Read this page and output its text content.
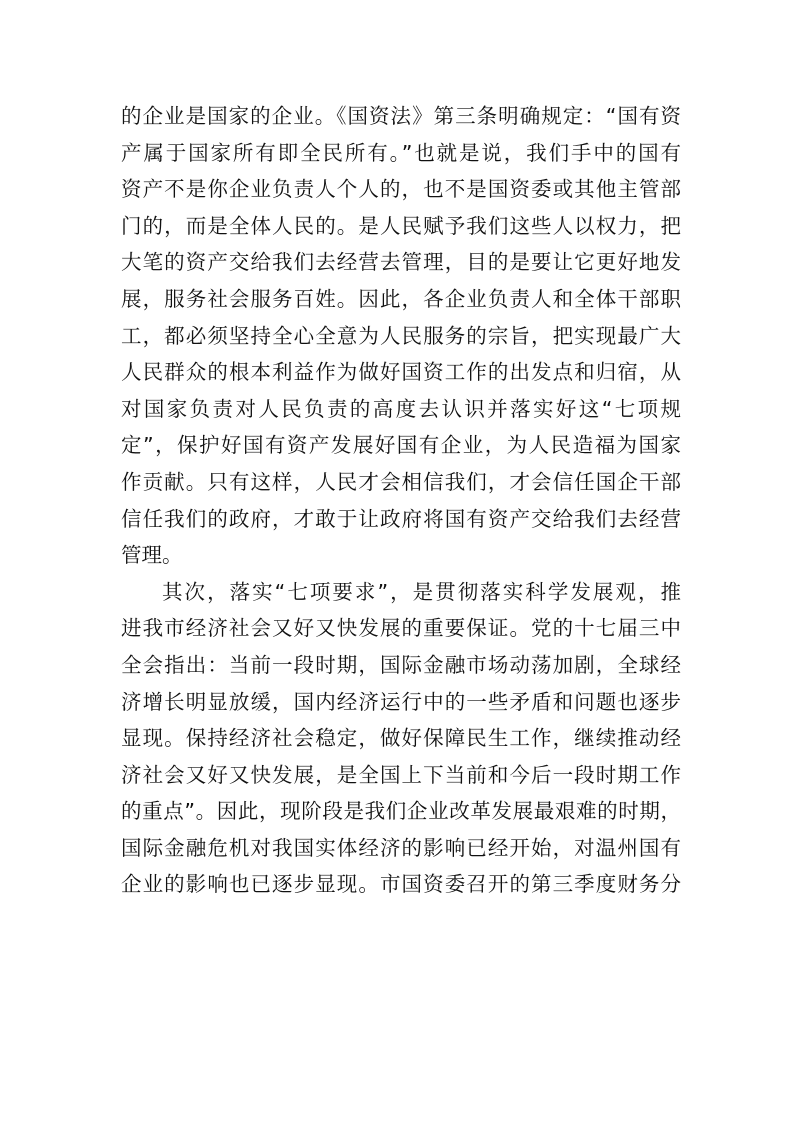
的企业是国家的企业。《国资法》第三条明确规定：“国有资
产属于国家所有即全民所有。”也就是说，我们手中的国有
资产不是你企业负责人个人的，也不是国资委或其他主管部
门的，而是全体人民的。是人民赋予我们这些人以权力，把
大笔的资产交给我们去经营去管理，目的是要让它更好地发
展，服务社会服务百姓。因此，各企业负责人和全体干部职
工，都必须坚持全心全意为人民服务的宗旨，把实现最广大
人民群众的根本利益作为做好国资工作的出发点和归宿，从
对国家负责对人民负责的高度去认识并落实好这“七项规
定”，保护好国有资产发展好国有企业，为人民造福为国家
作贡献。只有这样，人民才会相信我们，才会信任国企干部
信任我们的政府，才敢于让政府将国有资产交给我们去经营
管理。
其次，落实“七项要求”，是贯彻落实科学发展观，推
进我市经济社会又好又快发展的重要保证。党的十七届三中
全会指出：当前一段时期，国际金融市场动荡加剧，全球经
济增长明显放缓，国内经济运行中的一些矛盾和问题也逐步
显现。保持经济社会稳定，做好保障民生工作，继续推动经
济社会又好又快发展，是全国上下当前和今后一段时期工作
的重点”。因此，现阶段是我们企业改革发展最艰难的时期，
国际金融危机对我国实体经济的影响已经开始，对温州国有
企业的影响也已逐步显现。市国资委召开的第三季度财务分
